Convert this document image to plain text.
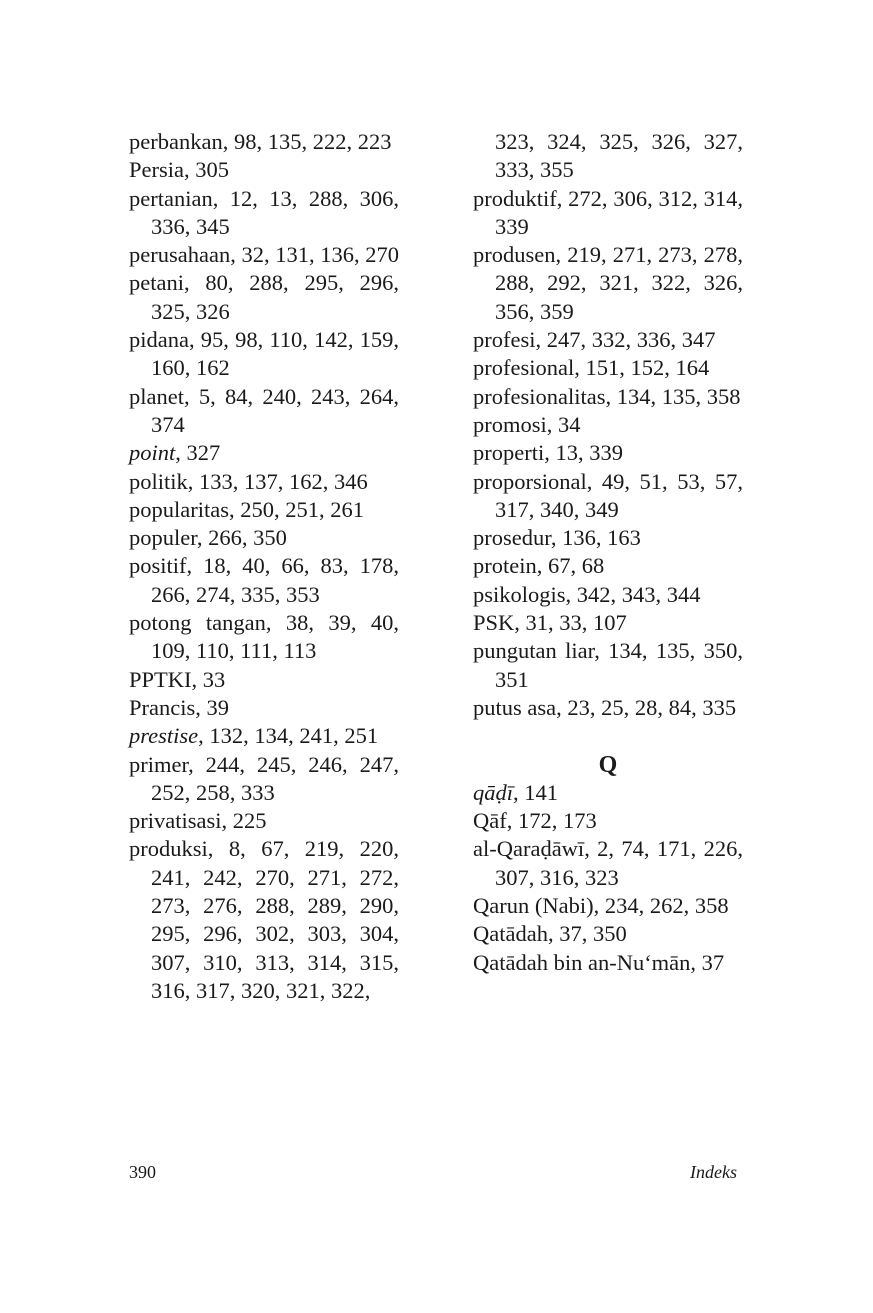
perbankan, 98, 135, 222, 223
Persia, 305
pertanian, 12, 13, 288, 306, 336, 345
perusahaan, 32, 131, 136, 270
petani, 80, 288, 295, 296, 325, 326
pidana, 95, 98, 110, 142, 159, 160, 162
planet, 5, 84, 240, 243, 264, 374
point, 327
politik, 133, 137, 162, 346
popularitas, 250, 251, 261
populer, 266, 350
positif, 18, 40, 66, 83, 178, 266, 274, 335, 353
potong tangan, 38, 39, 40, 109, 110, 111, 113
PPTKI, 33
Prancis, 39
prestise, 132, 134, 241, 251
primer, 244, 245, 246, 247, 252, 258, 333
privatisasi, 225
produksi, 8, 67, 219, 220, 241, 242, 270, 271, 272, 273, 276, 288, 289, 290, 295, 296, 302, 303, 304, 307, 310, 313, 314, 315, 316, 317, 320, 321, 322,
323, 324, 325, 326, 327, 333, 355
produktif, 272, 306, 312, 314, 339
produsen, 219, 271, 273, 278, 288, 292, 321, 322, 326, 356, 359
profesi, 247, 332, 336, 347
profesional, 151, 152, 164
profesionalitas, 134, 135, 358
promosi, 34
properti, 13, 339
proporsional, 49, 51, 53, 57, 317, 340, 349
prosedur, 136, 163
protein, 67, 68
psikologis, 342, 343, 344
PSK, 31, 33, 107
pungutan liar, 134, 135, 350, 351
putus asa, 23, 25, 28, 84, 335
Q
qāḍī, 141
Qāf, 172, 173
al-Qaraḍāwī, 2, 74, 171, 226, 307, 316, 323
Qarun (Nabi), 234, 262, 358
Qatādah, 37, 350
Qatādah bin an-Nu‘mān, 37
390	Indeks
